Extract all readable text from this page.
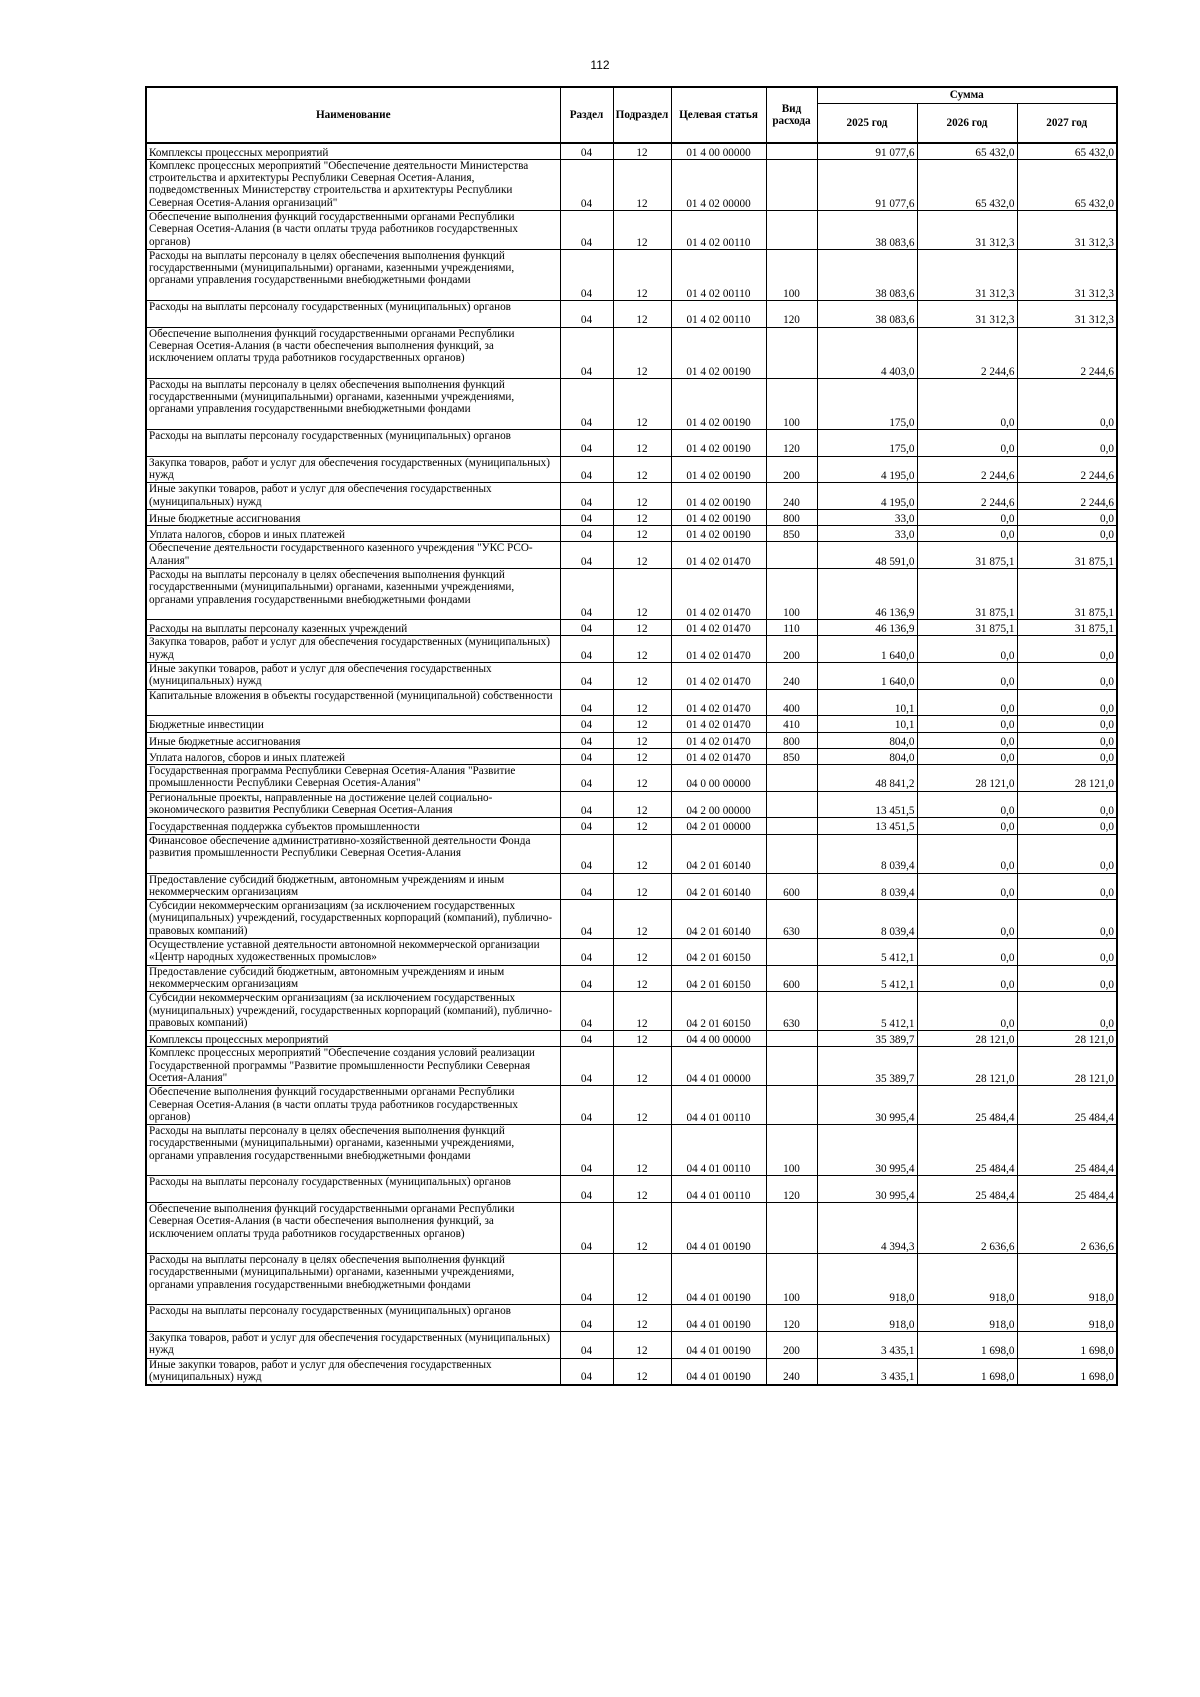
112
Наименование	Раздел	Подраздел	Целевая статья	Вид расхода	Сумма		
					2025 год	2026 год	2027 год
Комплексы процессных мероприятий	04	12	01 4 00 00000		91 077,6	65 432,0	65 432,0
Комплекс процессных мероприятий "Обеспечение деятельности Министерства строительства и архитектуры Республики Северная Осетия-Алания, подведомственных Министерству строительства и архитектуры Республики Северная Осетия-Алания организаций"	04	12	01 4 02 00000		91 077,6	65 432,0	65 432,0
Обеспечение выполнения функций государственными органами Республики Северная Осетия-Алания (в части оплаты труда работников государственных органов)	04	12	01 4 02 00110		38 083,6	31 312,3	31 312,3
Расходы на выплаты персоналу в целях обеспечения выполнения функций государственными (муниципальными) органами, казенными учреждениями, органами управления государственными внебюджетными фондами	04	12	01 4 02 00110	100	38 083,6	31 312,3	31 312,3
Расходы на выплаты персоналу государственных (муниципальных) органов	04	12	01 4 02 00110	120	38 083,6	31 312,3	31 312,3
Обеспечение выполнения функций государственными органами Республики Северная Осетия-Алания (в части обеспечения выполнения функций, за исключением оплаты труда работников государственных органов)	04	12	01 4 02 00190		4 403,0	2 244,6	2 244,6
Расходы на выплаты персоналу в целях обеспечения выполнения функций государственными (муниципальными) органами, казенными учреждениями, органами управления государственными внебюджетными фондами	04	12	01 4 02 00190	100	175,0	0,0	0,0
Расходы на выплаты персоналу государственных (муниципальных) органов	04	12	01 4 02 00190	120	175,0	0,0	0,0
Закупка товаров, работ и услуг для обеспечения государственных (муниципальных) нужд	04	12	01 4 02 00190	200	4 195,0	2 244,6	2 244,6
Иные закупки товаров, работ и услуг для обеспечения государственных (муниципальных) нужд	04	12	01 4 02 00190	240	4 195,0	2 244,6	2 244,6
Иные бюджетные ассигнования	04	12	01 4 02 00190	800	33,0	0,0	0,0
Уплата налогов, сборов и иных платежей	04	12	01 4 02 00190	850	33,0	0,0	0,0
Обеспечение деятельности государственного казенного учреждения "УКС РСО-Алания"	04	12	01 4 02 01470		48 591,0	31 875,1	31 875,1
Расходы на выплаты персоналу в целях обеспечения выполнения функций государственными (муниципальными) органами, казенными учреждениями, органами управления государственными внебюджетными фондами	04	12	01 4 02 01470	100	46 136,9	31 875,1	31 875,1
Расходы на выплаты персоналу казенных учреждений	04	12	01 4 02 01470	110	46 136,9	31 875,1	31 875,1
Закупка товаров, работ и услуг для обеспечения государственных (муниципальных) нужд	04	12	01 4 02 01470	200	1 640,0	0,0	0,0
Иные закупки товаров, работ и услуг для обеспечения государственных (муниципальных) нужд	04	12	01 4 02 01470	240	1 640,0	0,0	0,0
Капитальные вложения в объекты государственной (муниципальной) собственности	04	12	01 4 02 01470	400	10,1	0,0	0,0
Бюджетные инвестиции	04	12	01 4 02 01470	410	10,1	0,0	0,0
Иные бюджетные ассигнования	04	12	01 4 02 01470	800	804,0	0,0	0,0
Уплата налогов, сборов и иных платежей	04	12	01 4 02 01470	850	804,0	0,0	0,0
Государственная программа Республики Северная Осетия-Алания "Развитие промышленности Республики Северная Осетия-Алания"	04	12	04 0 00 00000		48 841,2	28 121,0	28 121,0
Региональные проекты, направленные на достижение целей социально-экономического развития Республики Северная Осетия-Алания	04	12	04 2 00 00000		13 451,5	0,0	0,0
Государственная поддержка субъектов промышленности	04	12	04 2 01 00000		13 451,5	0,0	0,0
Финансовое обеспечение административно-хозяйственной деятельности Фонда развития промышленности Республики Северная Осетия-Алания	04	12	04 2 01 60140		8 039,4	0,0	0,0
Предоставление субсидий бюджетным, автономным учреждениям и иным некоммерческим организациям	04	12	04 2 01 60140	600	8 039,4	0,0	0,0
Субсидии некоммерческим организациям (за исключением государственных (муниципальных) учреждений, государственных корпораций (компаний), публично-правовых компаний)	04	12	04 2 01 60140	630	8 039,4	0,0	0,0
Осуществление уставной деятельности автономной некоммерческой организации «Центр народных художественных промыслов»	04	12	04 2 01 60150		5 412,1	0,0	0,0
Предоставление субсидий бюджетным, автономным учреждениям и иным некоммерческим организациям	04	12	04 2 01 60150	600	5 412,1	0,0	0,0
Субсидии некоммерческим организациям (за исключением государственных (муниципальных) учреждений, государственных корпораций (компаний), публично-правовых компаний)	04	12	04 2 01 60150	630	5 412,1	0,0	0,0
Комплексы процессных мероприятий	04	12	04 4 00 00000		35 389,7	28 121,0	28 121,0
Комплекс процессных мероприятий "Обеспечение создания условий реализации Государственной программы "Развитие промышленности Республики Северная Осетия-Алания"	04	12	04 4 01 00000		35 389,7	28 121,0	28 121,0
Обеспечение выполнения функций государственными органами Республики Северная Осетия-Алания (в части оплаты труда работников государственных органов)	04	12	04 4 01 00110		30 995,4	25 484,4	25 484,4
Расходы на выплаты персоналу в целях обеспечения выполнения функций государственными (муниципальными) органами, казенными учреждениями, органами управления государственными внебюджетными фондами	04	12	04 4 01 00110	100	30 995,4	25 484,4	25 484,4
Расходы на выплаты персоналу государственных (муниципальных) органов	04	12	04 4 01 00110	120	30 995,4	25 484,4	25 484,4
Обеспечение выполнения функций государственными органами Республики Северная Осетия-Алания (в части обеспечения выполнения функций, за исключением оплаты труда работников государственных органов)	04	12	04 4 01 00190		4 394,3	2 636,6	2 636,6
Расходы на выплаты персоналу в целях обеспечения выполнения функций государственными (муниципальными) органами, казенными учреждениями, органами управления государственными внебюджетными фондами	04	12	04 4 01 00190	100	918,0	918,0	918,0
Расходы на выплаты персоналу государственных (муниципальных) органов	04	12	04 4 01 00190	120	918,0	918,0	918,0
Закупка товаров, работ и услуг для обеспечения государственных (муниципальных) нужд	04	12	04 4 01 00190	200	3 435,1	1 698,0	1 698,0
Иные закупки товаров, работ и услуг для обеспечения государственных (муниципальных) нужд	04	12	04 4 01 00190	240	3 435,1	1 698,0	1 698,0
